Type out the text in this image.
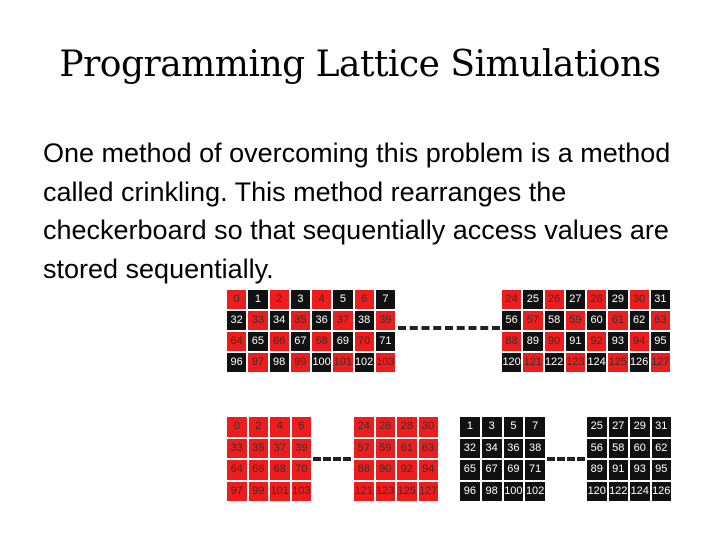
Programming Lattice Simulations
One method of overcoming this problem is a method called crinkling. This method rearranges the checkerboard so that sequentially access values are stored sequentially.
0	1	2	3	4	5	6	7
32 33 34 35 36 37 38 39
64 65 66 67 68 69 70 71
96 97 98 99 100 101 102 103
24 25 26 27 28 29 30 31
56 57 58 59 60 61 62 63
88 89 90 91 92 93 94 95
120 121 122 123 124 125 126 127
0	2	4	6
33 35 37 39
64 66 68 70
97 99 101 103
24 26 28 30
57 59 61 63
88 90 92 94
121 123 125 127
1	3	5	7
32 34 36 38
65 67 69 71
96 98 100 102
25 27 29 31
56 58 60 62
89 91 93 95
120 122 124 126
